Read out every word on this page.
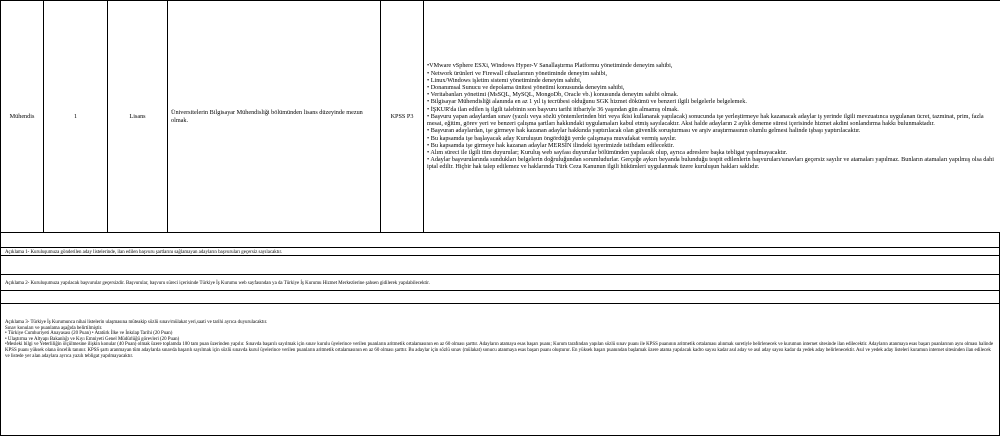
Mühendis	1	Lisans	Üniversitelerin Bilgisayar Mühendisliği bölümünden lisans düzeyinde mezun olmak.	KPSS P3	
•VMware vSphere ESXi, Windows Hyper-V Sanallaştırma Platformu yönetiminde deneyim sahibi,
• Network ürünleri ve Firewall cihazlarının yönetiminde deneyim sahibi,
• Linux/Windows işletim sistemi yönetiminde deneyim sahibi,
• Donanımsal Sunucu ve depolama ünitesi yönetimi konusunda deneyim sahibi,
• Veritabanları yönetimi (MsSQL, MySQL, MongoDb, Oracle vb.) konusunda deneyim sahibi olmak.
• Bilgisayar Mühendisliği alanında en az 1 yıl iş tecrübesi olduğunu SGK hizmet dökümü ve benzeri ilgili belgelerle belgelemek.
• İŞKUR'da ilan edilen iş ilgili talebinin son başvuru tarihi itibariyle 36 yaşından gün almamış olmak.
• Başvuru yapan adaylardan sınav (yazılı veya sözlü yöntemlerinden biri veya ikisi kullanarak yapılacak) sonucunda işe yerleştirmeye hak kazanacak adaylar iş yerinde ilgili mevzuatınca uygulanan ücret, tazminat, prim, fazla mesai, eğitim, görev yeri ve benzeri çalışma şartları hakkındaki uygulamaları kabul etmiş sayılacaktır. Aksi halde adayların 2 aylık deneme süresi içerisinde hizmet akdini sonlandırma hakkı bulunmaktadır.
• Başvuran adaylardan, işe girmeye hak kazanan adaylar hakkında yaptırılacak olan güvenlik soruşturması ve arşiv araştırmasının olumlu gelmesi halinde işbaşı yaptırılacaktır.
• Bu kapsamda işe başlayacak aday Kurulușun öngördüğü yerde çalışmaya muvafakat vermiş sayılır.
• Bu kapsamda işe girmeye hak kazanan adaylar MERSİN ilindeki işyerimizde istihdam edilecektir.
• Alım süreci ile ilgili tüm duyurular; Kuruluş web sayfası duyurular bölümünden yapılacak olup, ayrıca adreslere başka tebligat yapılmayacaktır.
• Adaylar başvurularında sundukları belgelerin doğruluğundan sorumludurlar. Gerçeğe aykırı beyanda bulunduğu tespit edilenlerin başvuruları/sınavları geçersiz sayılır ve atamaları yapılmaz. Bunların atamaları yapılmış olsa dahi iptal edilir. Hiçbir hak talep edilemez ve haklarında Türk Ceza Kanunun ilgili hükümleri uygulanmak üzere kuruluşun hakları saklıdır.
Açıklama 1- Kuruluşumuza gönderilen aday listelerinde, ilan edilen başvuru şartlarını sağlamayan adayların başvuruları geçersiz sayılacaktır.
Açıklama 2- Kuruluşumuza yapılacak başvurular geçersizdir. Başvurular, başvuru süreci içerisinde Türkiye İş Kurumu web sayfasından ya da Türkiye İş Kurumu Hizmet Merkezlerine şahsen gidilerek yapılabilecektir.
Açıklama 3- Türkiye İş Kurumunca nihai listelerin ulaşmasına müteakip sözlü sınav/mülakat yeri,saati ve tarihi ayrıca duyurulacaktır.
Sınav konuları ve puanlama aşağıda belirtilmiştir.
• Türkiye Cumhuriyeti Anayasası (20 Puan) • Atatürk İlke ve İnkılap Tarihi (20 Puan)
• Ulaştırma ve Altyapı Bakanlığı ve Kıyı Emniyeti Genel Müdürlüğü görevleri (20 Puan)
•Mesleki bilgi ve Yeterliliğin ölçülmesine ilişkin konular (40 Puan) olmak üzere toplamda 100 tam puan üzerinden yapılır. Sınavda başarılı sayılmak için sınav kurulu üyelerince verilen puanların aritmetik ortalamasının en az 60 olması şarttır. Adayların atamaya esas başarı puanı; Kurum tarafından yapılan sözlü sınav puanı ile KPSS puanının aritmetik ortalaması alınmak suretiyle belirlenecek ve kurumun internet sitesinde ilan edilecektir. Adayların atanmaya esas başarı puanlarının aynı olması halinde KPSS puanı yüksek olana öncelik tanınır. KPSS şartı aranmayan tüm adaylarda sınavda başarılı sayılmak için sözlü sınavda kurul üyelerince verilen puanların aritmetik ortalamasının en az 60 olması şarttır. Bu adaylar için sözlü sınav (mülakat) sonucu atanmaya esas başarı puanı oluşturur. En yüksek başarı puanından başlamak üzere atama yapılacak kadro sayısı kadar asıl aday ve asıl aday sayısı kadar da yedek aday belirlenecektir. Asıl ve yedek aday listeleri kuramun internet sitesinden ilan edilecek ve listede yer alan adaylara ayrıca yazılı tebligat yapılmayacaktır.
